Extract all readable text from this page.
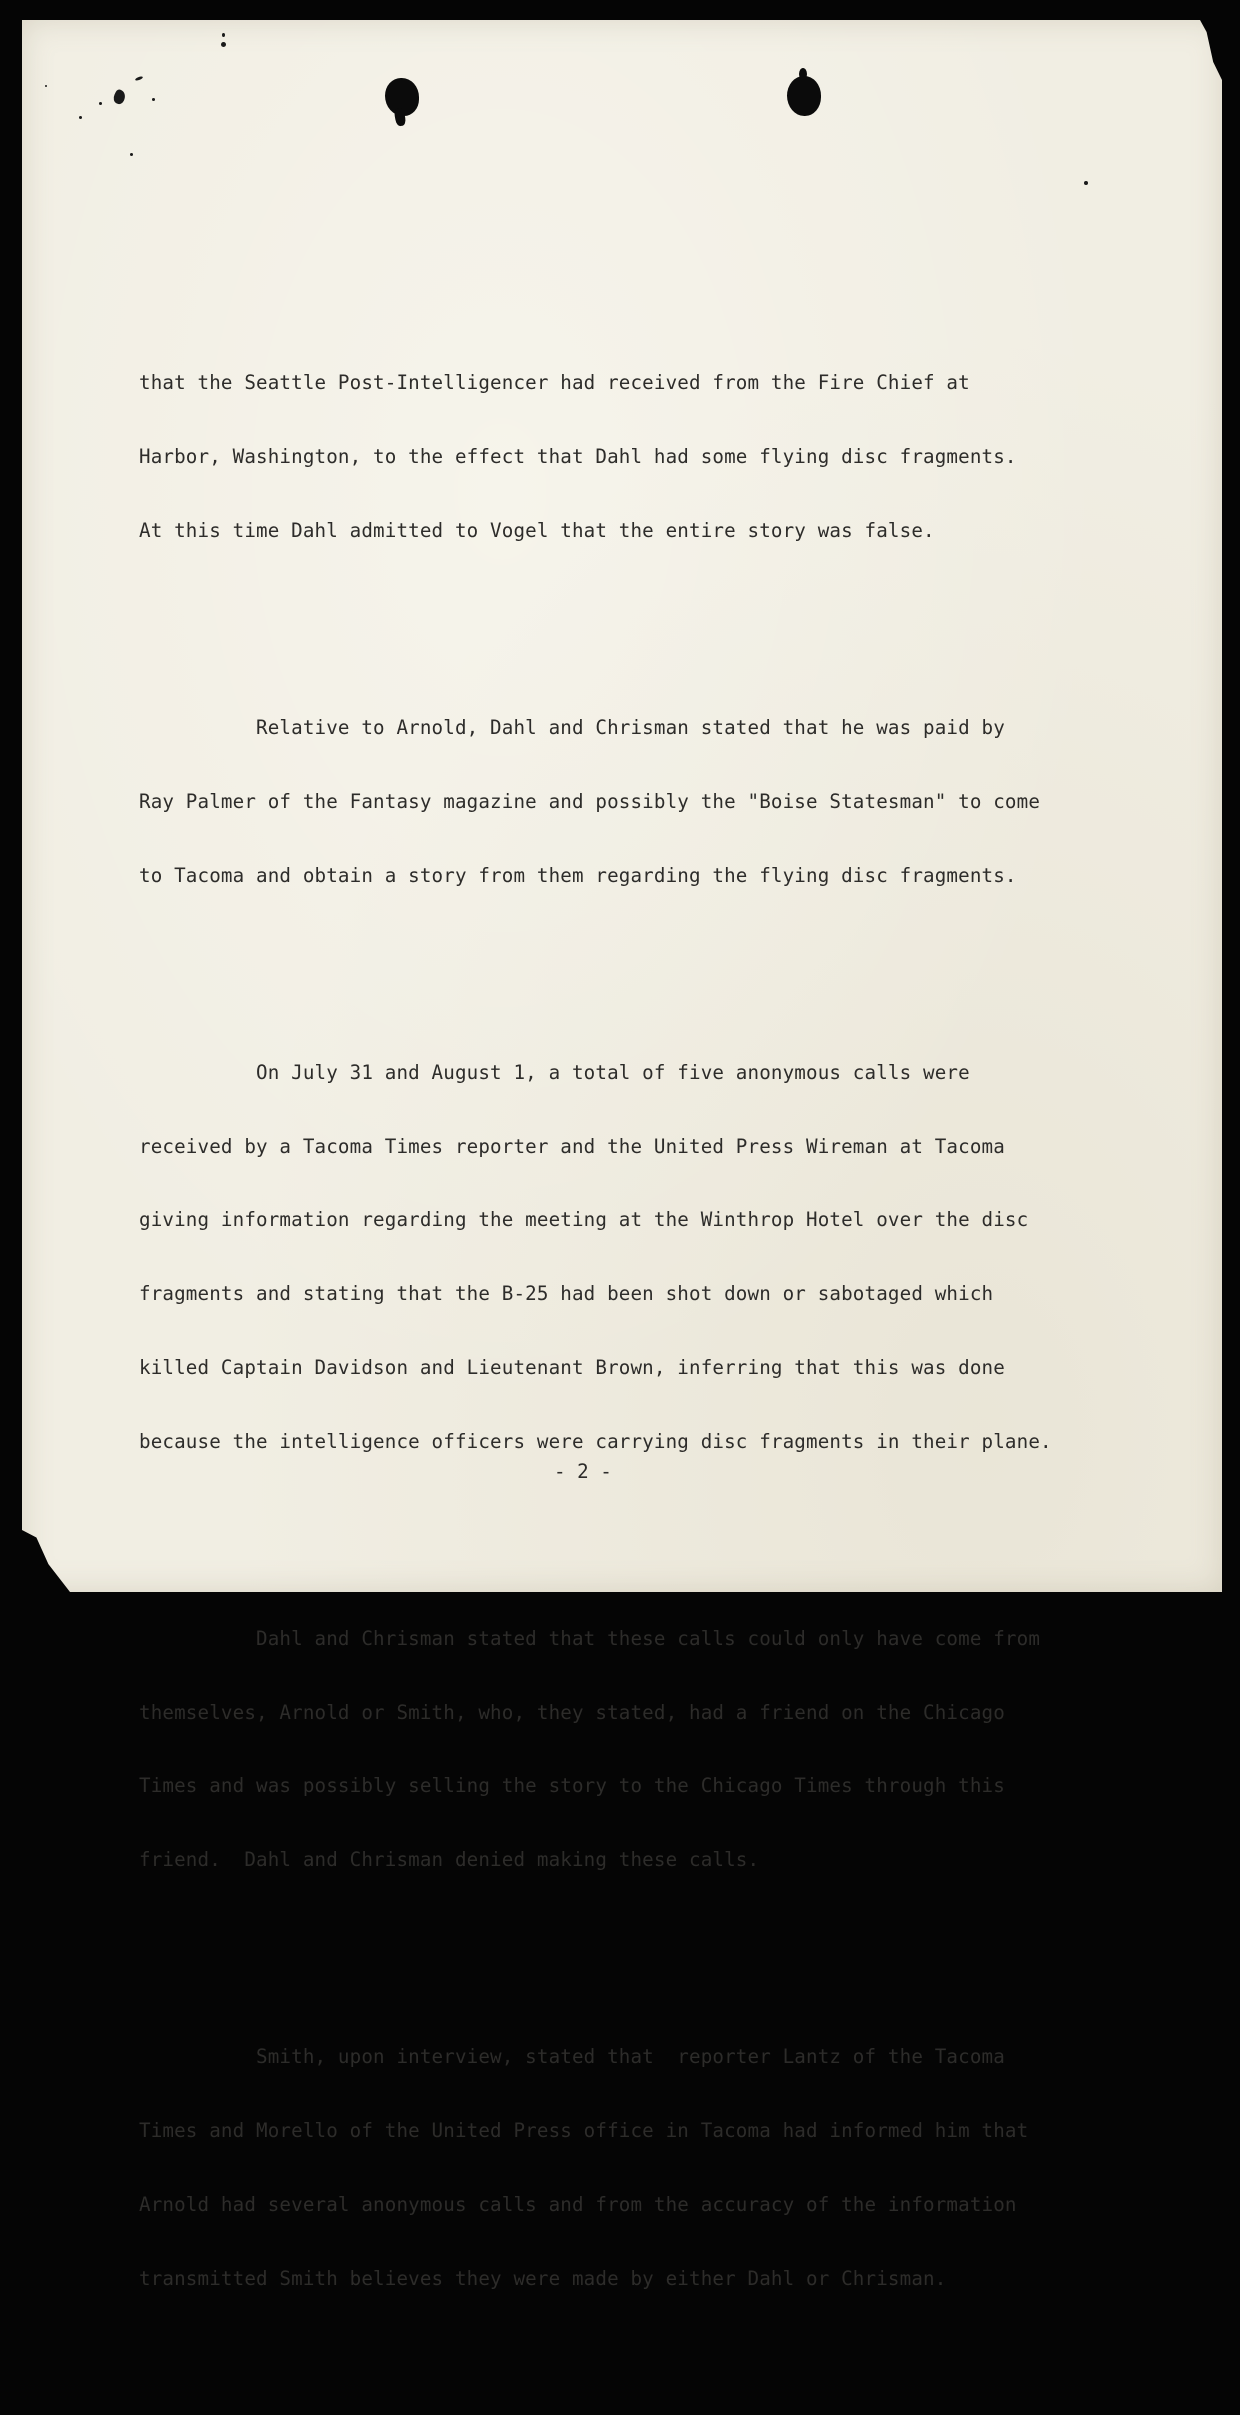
that the Seattle Post-Intelligencer had received from the Fire Chief at

Harbor, Washington, to the effect that Dahl had some flying disc fragments.

At this time Dahl admitted to Vogel that the entire story was false.

Relative to Arnold, Dahl and Chrisman stated that he was paid by

Ray Palmer of the Fantasy magazine and possibly the "Boise Statesman" to come

to Tacoma and obtain a story from them regarding the flying disc fragments.

On July 31 and August 1, a total of five anonymous calls were

received by a Tacoma Times reporter and the United Press Wireman at Tacoma

giving information regarding the meeting at the Winthrop Hotel over the disc

fragments and stating that the B-25 had been shot down or sabotaged which

killed Captain Davidson and Lieutenant Brown, inferring that this was done

because the intelligence officers were carrying disc fragments in their plane.

Dahl and Chrisman stated that these calls could only have come from

themselves, Arnold or Smith, who, they stated, had a friend on the Chicago

Times and was possibly selling the story to the Chicago Times through this

friend.  Dahl and Chrisman denied making these calls.

Smith, upon interview, stated that  reporter Lantz of the Tacoma

Times and Morello of the United Press office in Tacoma had informed him that

Arnold had several anonymous calls and from the accuracy of the information

transmitted Smith believes they were made by either Dahl or Chrisman.

- 2 -
